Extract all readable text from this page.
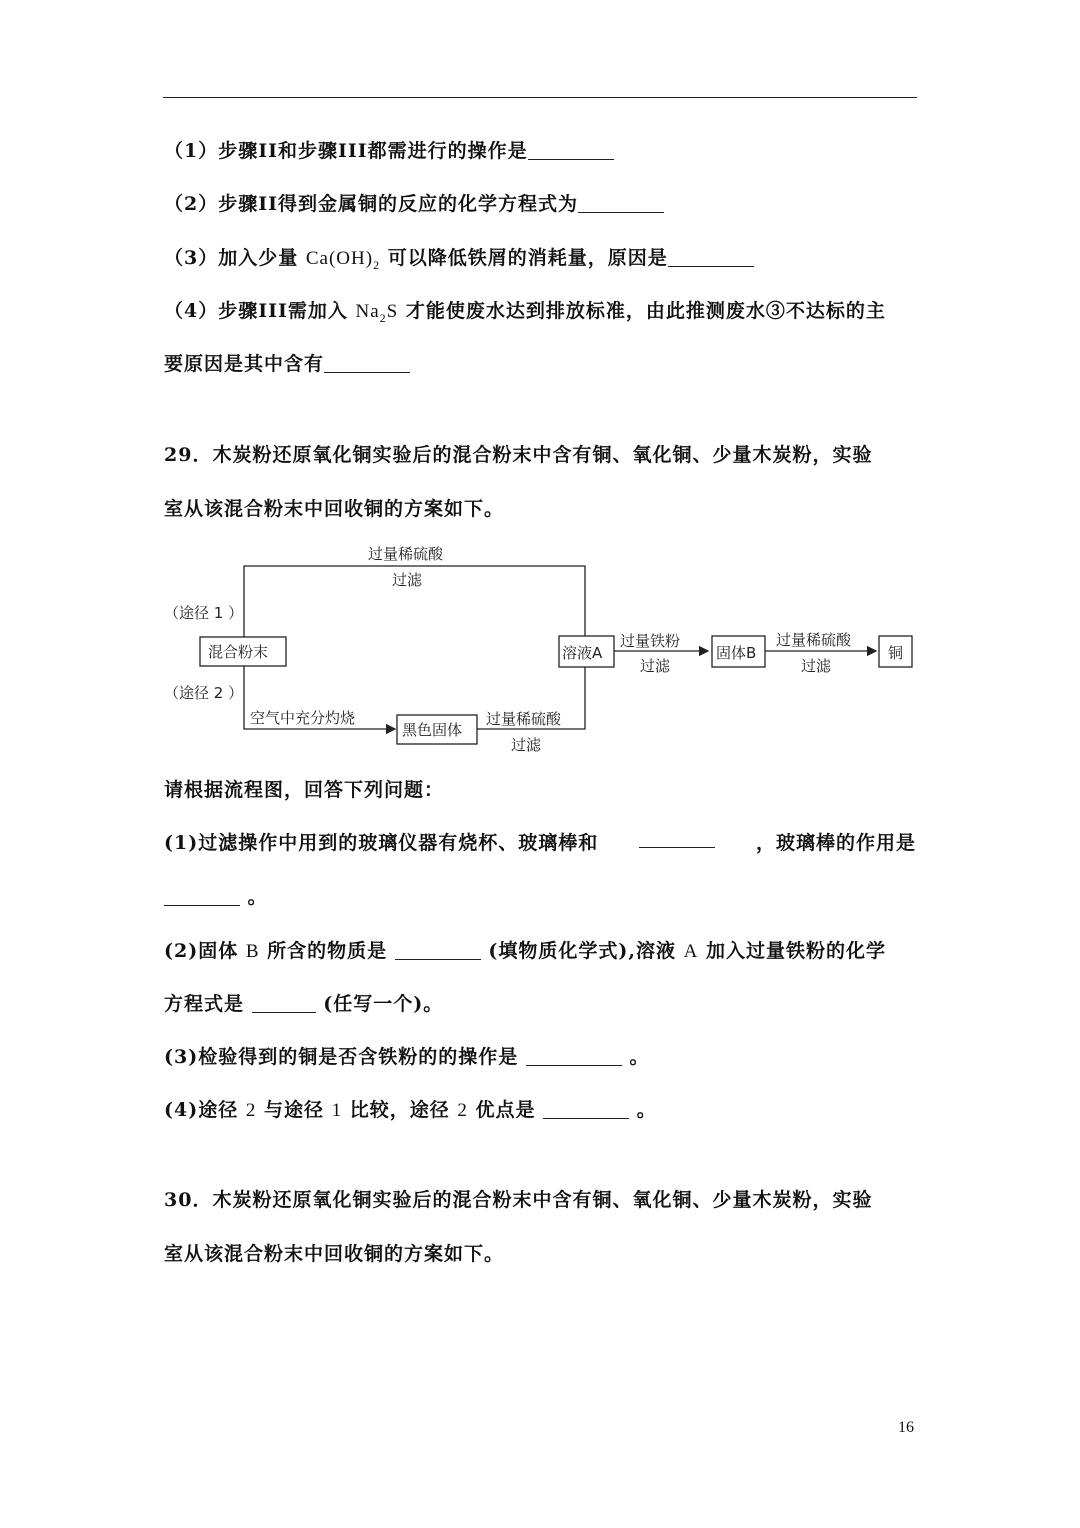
（1）步骤II和步骤III都需进行的操作是
（2）步骤II得到金属铜的反应的化学方程式为
（3）加入少量 $Ca(OH)_2$ 可以降低铁屑的消耗量，原因是
（4）步骤III需加入 $Na_2S$ 才能使废水达到排放标准，由此推测废水③不达标的主
要原因是其中含有
29．木炭粉还原氧化铜实验后的混合粉末中含有铜、氧化铜、少量木炭粉，实验
室从该混合粉末中回收铜的方案如下。
过量稀硫酸
过滤
（途径 1 ）
混合粉末	溶液A
过量铁粉
过滤
固体B
过量稀硫酸
过滤
铜
（途径 2 ）
空气中充分灼烧
黑色固体
过量稀硫酸
过滤
请根据流程图，回答下列问题：
(1)过滤操作中用到的玻璃仪器有烧杯、玻璃棒和	，玻璃棒的作用是
。
(2)固体 B 所含的物质是	(填物质化学式),溶液 A 加入过量铁粉的化学
方程式是	(任写一个)。
(3)检验得到的铜是否含铁粉的的操作是	。
(4)途径 2 与途径 1 比较，途径 2 优点是	。
30．木炭粉还原氧化铜实验后的混合粉末中含有铜、氧化铜、少量木炭粉，实验
室从该混合粉末中回收铜的方案如下。
16
